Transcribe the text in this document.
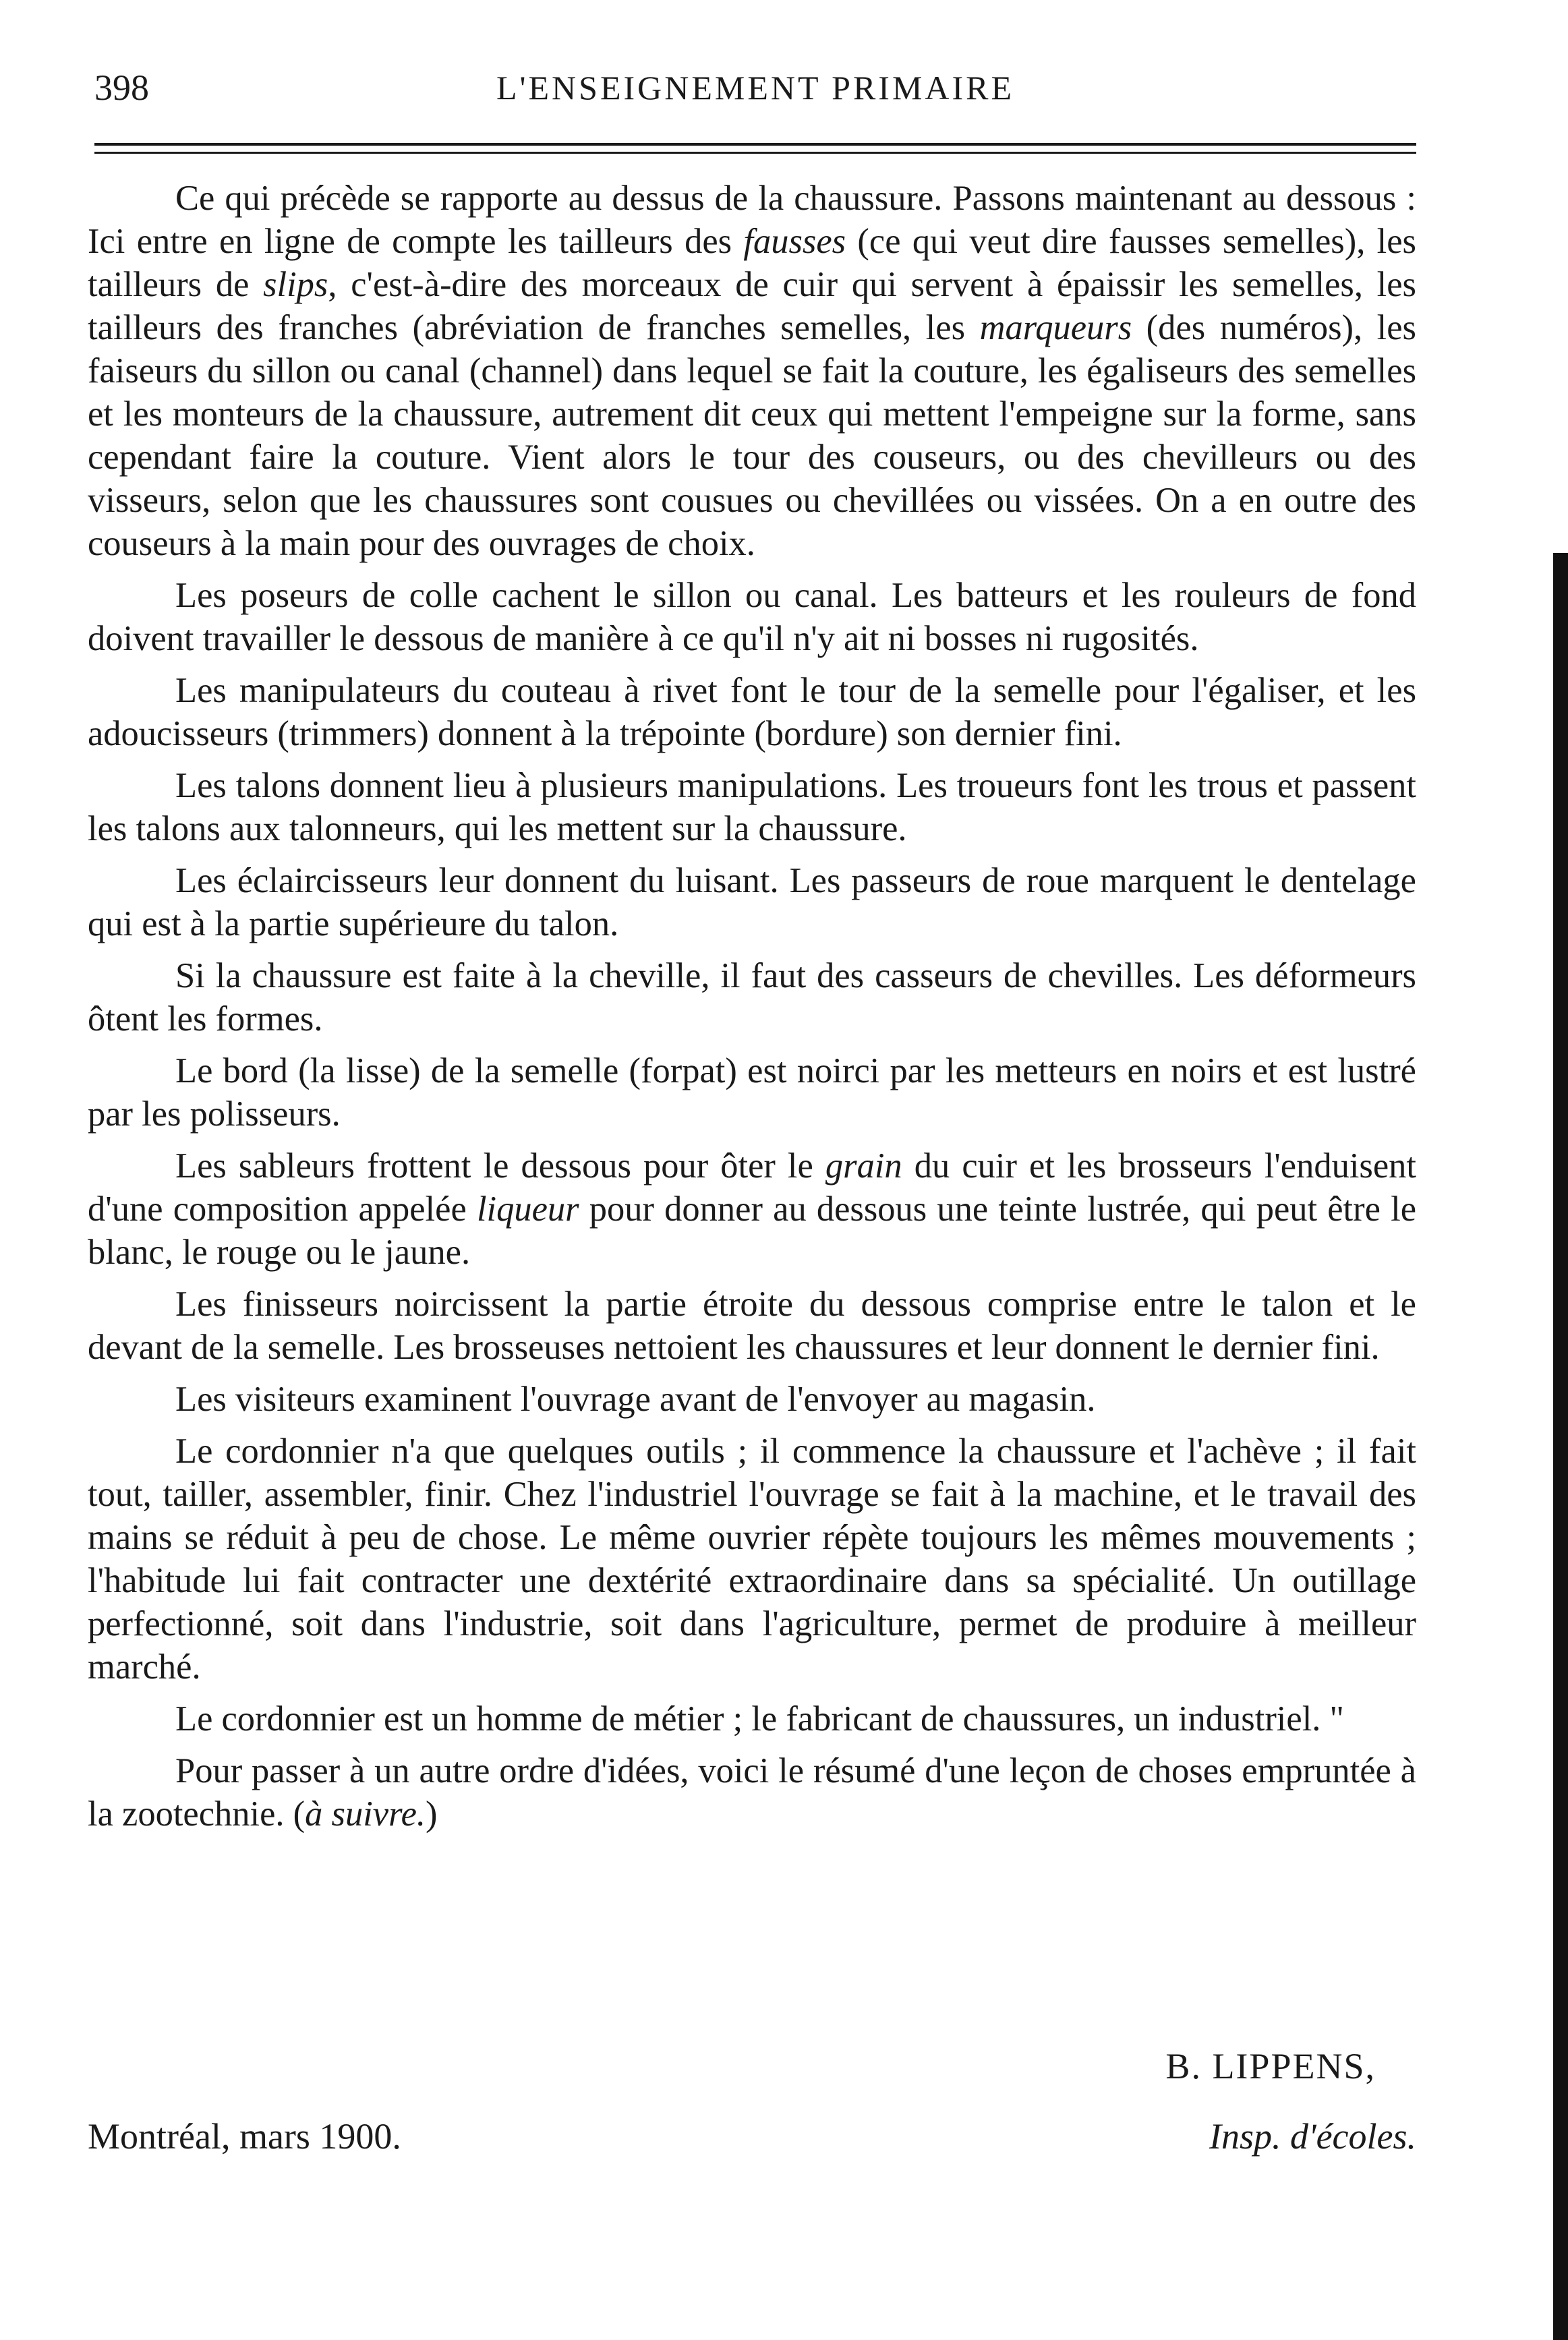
398	L'ENSEIGNEMENT PRIMAIRE

Ce qui précède se rapporte au dessus de la chaussure. Passons maintenant au dessous : Ici entre en ligne de compte les tailleurs des fausses (ce qui veut dire fausses semelles), les tailleurs de slips, c'est-à-dire des morceaux de cuir qui servent à épaissir les semelles, les tailleurs des franches (abréviation de franches semelles, les marqueurs (des numéros), les faiseurs du sillon ou canal (channel) dans lequel se fait la couture, les égaliseurs des semelles et les monteurs de la chaussure, autrement dit ceux qui mettent l'empeigne sur la forme, sans cependant faire la couture. Vient alors le tour des couseurs, ou des chevilleurs ou des visseurs, selon que les chaussures sont cousues ou chevillées ou vissées. On a en outre des couseurs à la main pour des ouvrages de choix.

Les poseurs de colle cachent le sillon ou canal. Les batteurs et les rouleurs de fond doivent travailler le dessous de manière à ce qu'il n'y ait ni bosses ni rugosités.

Les manipulateurs du couteau à rivet font le tour de la semelle pour l'égaliser, et les adoucisseurs (trimmers) donnent à la trépointe (bordure) son dernier fini.

Les talons donnent lieu à plusieurs manipulations. Les troueurs font les trous et passent les talons aux talonneurs, qui les mettent sur la chaussure.

Les éclaircisseurs leur donnent du luisant. Les passeurs de roue marquent le dentelage qui est à la partie supérieure du talon.

Si la chaussure est faite à la cheville, il faut des casseurs de chevilles. Les déformeurs ôtent les formes.

Le bord (la lisse) de la semelle (forpat) est noirci par les metteurs en noirs et est lustré par les polisseurs.

Les sableurs frottent le dessous pour ôter le grain du cuir et les brosseurs l'enduisent d'une composition appelée liqueur pour donner au dessous une teinte lustrée, qui peut être le blanc, le rouge ou le jaune.

Les finisseurs noircissent la partie étroite du dessous comprise entre le talon et le devant de la semelle. Les brosseuses nettoient les chaussures et leur donnent le dernier fini.

Les visiteurs examinent l'ouvrage avant de l'envoyer au magasin.

Le cordonnier n'a que quelques outils ; il commence la chaussure et l'achève ; il fait tout, tailler, assembler, finir. Chez l'industriel l'ouvrage se fait à la machine, et le travail des mains se réduit à peu de chose. Le même ouvrier répète toujours les mêmes mouvements ; l'habitude lui fait contracter une dextérité extraordinaire dans sa spécialité. Un outillage perfectionné, soit dans l'industrie, soit dans l'agriculture, permet de produire à meilleur marché.

Le cordonnier est un homme de métier ; le fabricant de chaussures, un industriel. "

Pour passer à un autre ordre d'idées, voici le résumé d'une leçon de choses empruntée à la zootechnie. (à suivre.)

B. LIPPENS,
Montréal, mars 1900.	Insp. d'écoles.
